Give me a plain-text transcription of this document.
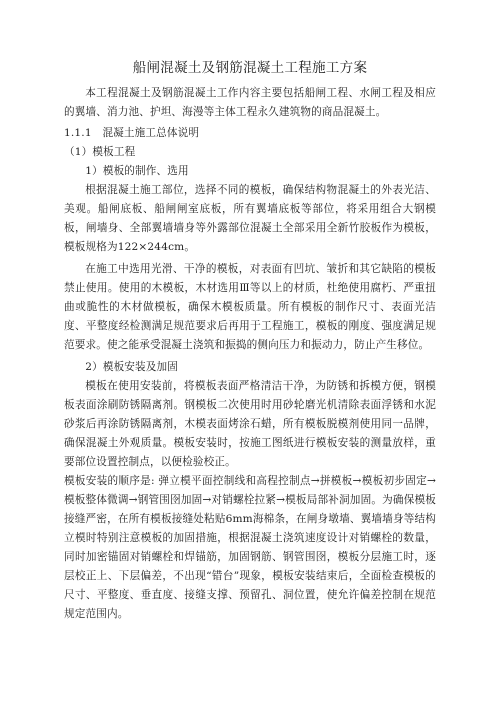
船闸混凝土及钢筋混凝土工程施工方案

本工程混凝土及钢筋混凝土工作内容主要包括船闸工程、水闸工程及相应的翼墙、消力池、护坦、海漫等主体工程永久建筑物的商品混凝土。

1.1.1　混凝土施工总体说明

（1）模板工程

1）模板的制作、选用

根据混凝土施工部位，选择不同的模板，确保结构物混凝土的外表光洁、美观。船闸底板、船闸闸室底板，所有翼墙底板等部位，将采用组合大钢模板，闸墙身、全部翼墙墙身等外露部位混凝土全部采用全新竹胶板作为模板，模板规格为122×244cm。

在施工中选用光滑、干净的模板，对表面有凹坑、皱折和其它缺陷的模板禁止使用。使用的木模板，木材选用Ⅲ等以上的材质，杜绝使用腐朽、严重扭曲或脆性的木材做模板，确保木模板质量。所有模板的制作尺寸、表面光洁度、平整度经检测满足规范要求后再用于工程施工，模板的刚度、强度满足规范要求。使之能承受混凝土浇筑和振捣的侧向压力和振动力，防止产生移位。

2）模板安装及加固

模板在使用安装前，将模板表面严格清洁干净，为防锈和拆模方便，钢模板表面涂刷防锈隔离剂。钢模板二次使用时用砂轮磨光机清除表面浮锈和水泥砂浆后再涂防锈隔离剂，木模表面烤涂石蜡，所有模板脱模剂使用同一品牌，确保混凝土外观质量。模板安装时，按施工图纸进行模板安装的测量放样，重要部位设置控制点，以便检验校正。

模板安装的顺序是: 弹立模平面控制线和高程控制点→拼模板→模板初步固定→模板整体微调→钢管围囹加固→对销螺栓拉紧→模板局部补洞加固。为确保模板接缝严密，在所有模板接缝处粘贴6mm海棉条，在闸身墩墙、翼墙墙身等结构立模时特别注意模板的加固措施，根据混凝土浇筑速度设计对销螺栓的数量，同时加密锚固对销螺栓和焊锚筋，加固钢筋、钢管围囹，模板分层施工时，逐层校正上、下层偏差，不出现“错台”现象，模板安装结束后，全面检查模板的尺寸、平整度、垂直度、接缝支撑、预留孔、洞位置，使允许偏差控制在规范规定范围内。
